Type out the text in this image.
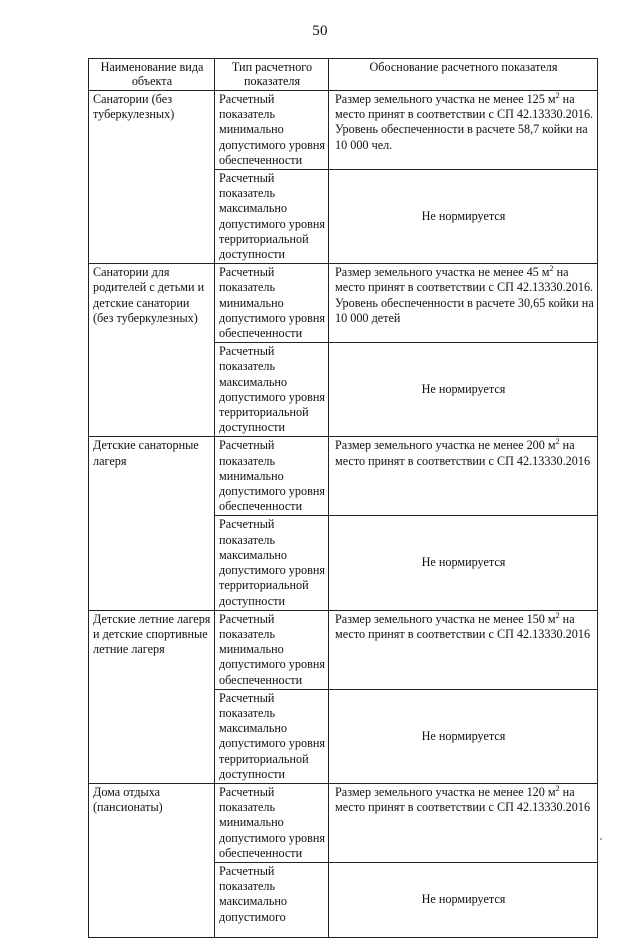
50
Наименование вида объекта	Тип расчетного показателя	Обоснование расчетного показателя
Санатории (без туберкулезных)	Расчетный показатель минимально допустимого уровня обеспеченности	Размер земельного участка не менее 125 $м^2$ на место принят в соответствии с СП 42.13330.2016. Уровень обеспеченности в расчете 58,7 койки на 10 000 чел.
	Расчетный показатель максимально допустимого уровня территориальной доступности	Не нормируется
Санатории для родителей с детьми и детские санатории (без туберкулезных)	Расчетный показатель минимально допустимого уровня обеспеченности	Размер земельного участка не менее 45 $м^2$ на место принят в соответствии с СП 42.13330.2016. Уровень обеспеченности в расчете 30,65 койки на 10 000 детей
	Расчетный показатель максимально допустимого уровня территориальной доступности	Не нормируется
Детские санаторные лагеря	Расчетный показатель минимально допустимого уровня обеспеченности	Размер земельного участка не менее 200 $м^2$ на место принят в соответствии с СП 42.13330.2016
	Расчетный показатель максимально допустимого уровня территориальной доступности	Не нормируется
Детские летние лагеря и детские спортивные летние лагеря	Расчетный показатель минимально допустимого уровня обеспеченности	Размер земельного участка не менее 150 $м^2$ на место принят в соответствии с СП 42.13330.2016
	Расчетный показатель максимально допустимого уровня территориальной доступности	Не нормируется
Дома отдыха (пансионаты)	Расчетный показатель минимально допустимого уровня обеспеченности	Размер земельного участка не менее 120 $м^2$ на место принят в соответствии с СП 42.13330.2016
	Расчетный показатель максимально допустимого	Не нормируется
